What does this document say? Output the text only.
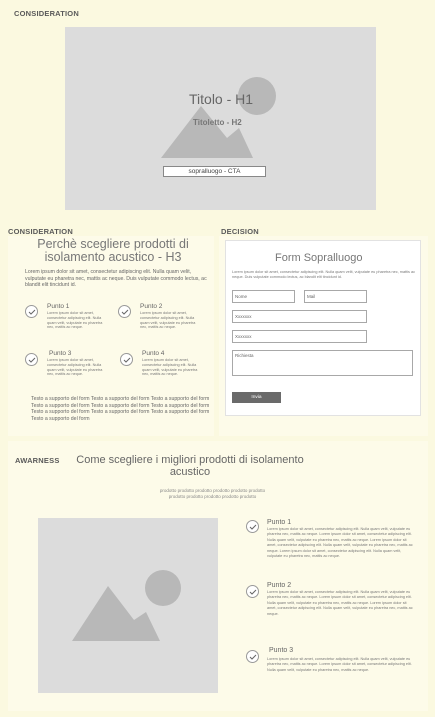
CONSIDERATION
Titolo - H1
Titoletto - H2
sopralluogo - CTA
CONSIDERATION
Perchè scegliere prodotti di isolamento acustico - H3
Lorem ipsum dolor sit amet, consectetur adipiscing elit. Nulla quam velit, vulputate eu pharetra nec, mattis ac neque. Duis vulputate commodo lectus, ac blandit elit tincidunt id.
Punto 1
Lorem ipsum dolor sit amet, consectetur adipiscing elit. Nulla quam velit, vulputate eu pharetra nec, mattis ac neque.
Punto 2
Lorem ipsum dolor sit amet, consectetur adipiscing elit. Nulla quam velit, vulputate eu pharetra nec, mattis ac neque.
Punto 3
Lorem ipsum dolor sit amet, consectetur adipiscing elit. Nulla quam velit, vulputate eu pharetra nec, mattis ac neque.
Punto 4
Lorem ipsum dolor sit amet, consectetur adipiscing elit. Nulla quam velit, vulputate eu pharetra nec, mattis ac neque.
Testo a supporto del form Testo a supporto del form Testo a supporto del form Testo a supporto del form Testo a supporto del form Testo a supporto del form Testo a supporto del form Testo a supporto del form Testo a supporto del form Testo a supporto del form
DECISION
Form Sopralluogo
Lorem ipsum dolor sit amet, consectetur adipiscing elit. Nulla quam velit, vulputate eu pharetra nec, mattis ac neque. Duis vulputate commodo lectus, ac blandit elit tincidunt id.
Nome
Mail
Xxxxxxx
Xxxxxxx
Richiesta
Invia
AWARNESS	Come scegliere i migliori prodotti di isolamento acustico
prodotto prodotto prodotto prodotto prodotto prodotto
prodotto prodotto prodotto prodotto prodotto
Punto 1
Lorem ipsum dolor sit amet, consectetur adipiscing elit. Nulla quam velit, vulputate eu pharetra nec, mattis ac neque. Lorem ipsum dolor sit amet, consectetur adipiscing elit. Nulla quam velit, vulputate eu pharetra nec, mattis ac neque. Lorem ipsum dolor sit amet, consectetur adipiscing elit. Nulla quam velit, vulputate eu pharetra nec, mattis ac neque. Lorem ipsum dolor sit amet, consectetur adipiscing elit. Nulla quam velit, vulputate eu pharetra nec, mattis ac neque.
Punto 2
Lorem ipsum dolor sit amet, consectetur adipiscing elit. Nulla quam velit, vulputate eu pharetra nec, mattis ac neque. Lorem ipsum dolor sit amet, consectetur adipiscing elit. Nulla quam velit, vulputate eu pharetra nec, mattis ac neque. Lorem ipsum dolor sit amet, consectetur adipiscing elit. Nulla quam velit, vulputate eu pharetra nec, mattis ac neque.
Punto 3
Lorem ipsum dolor sit amet, consectetur adipiscing elit. Nulla quam velit, vulputate eu pharetra nec, mattis ac neque. Lorem ipsum dolor sit amet, consectetur adipiscing elit. Nulla quam velit, vulputate eu pharetra nec, mattis ac neque.
